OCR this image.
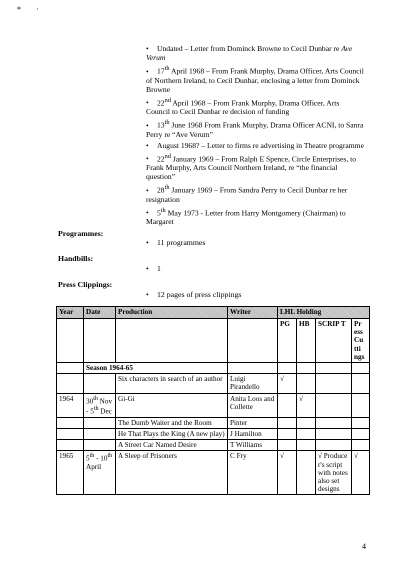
* ·
• Undated – Letter from Dominck Browne to Cecil Dunbar re Ave Verum
• 17th April 1968 – From Frank Murphy, Drama Officer, Arts Council of Northern Ireland, to Cecil Dunbar, enclosing a letter from Dominck Browne
• 22nd April 1968 – From Frank Murphy, Drama Officer, Arts Council to Cecil Dunbar re decision of funding
• 13th June 1968 From Frank Murphy, Drama Officer ACNI, to Sanra Perry re “Ave Verum”
• August 1968? – Letter to firms re advertising in Theatre programme
• 22nd January 1969 – From Ralph E Spence, Circle Enterprises, to Frank Murphy, Arts Council Northern Ireland, re “the financial question”
• 28th January 1969 – From Sandra Perry to Cecil Dunbar re her resignation
• 5th May 1973 - Letter from Harry Montgomery (Chairman) to Margaret
Programmes:
• 11 programmes
Handbills:
• 1
Press Clippings:
• 12 pages of press clippings
Year	Date	Production	Writer	LHL Holding			
				PG	HB	SCRIP T	Pr ess Cu tti ngs
	Season 1964-65						
		Six characters in search of an author	Luigi Pirandello	√			
1964	30th Nov - 5th Dec	Gi-Gi	Anita Loos and Collette		√		
		The Dumb Waiter and the Room	Pinter				
		He That Plays the King (A new play)	J Hamilton				
		A Street Car Named Desire	T Williams				
1965	5th - 10th April	A Sleep of Prisoners	C Fry	√		√ Produce r's script with notes also set designs	√
4
